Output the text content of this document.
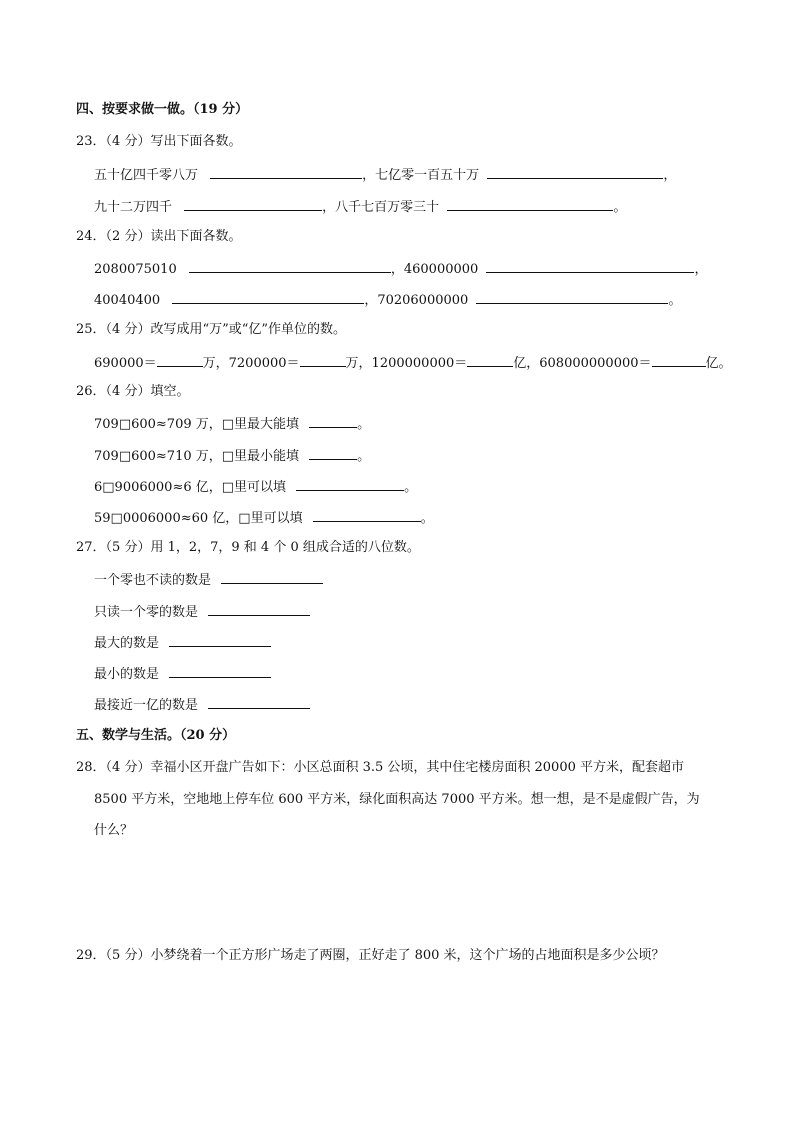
四、按要求做一做。（19 分）
23．（4 分）写出下面各数。
五十亿四千零八万	，七亿零一百五十万	，
九十二万四千	，八千七百万零三十	。
24．（2 分）读出下面各数。
2080075010	，460000000	，
40040400	，70206000000	。
25．（4 分）改写成用“万”或“亿”作单位的数。
690000＝	万，7200000＝	万，1200000000＝	亿，608000000000＝	亿。
26．（4 分）填空。
709□600≈709 万，□里最大能填	。
709□600≈710 万，□里最小能填	。
6□9006000≈6 亿，□里可以填	。
59□0006000≈60 亿，□里可以填	。
27．（5 分）用 1，2，7，9 和 4 个 0 组成合适的八位数。
一个零也不读的数是
只读一个零的数是
最大的数是
最小的数是
最接近一亿的数是
五、数学与生活。（20 分）
28．（4 分）幸福小区开盘广告如下：小区总面积 3.5 公顷，其中住宅楼房面积 20000 平方米，配套超市
8500 平方米，空地地上停车位 600 平方米，绿化面积高达 7000 平方米。想一想，是不是虚假广告，为
什么？
29．（5 分）小梦绕着一个正方形广场走了两圈，正好走了 800 米，这个广场的占地面积是多少公顷？
